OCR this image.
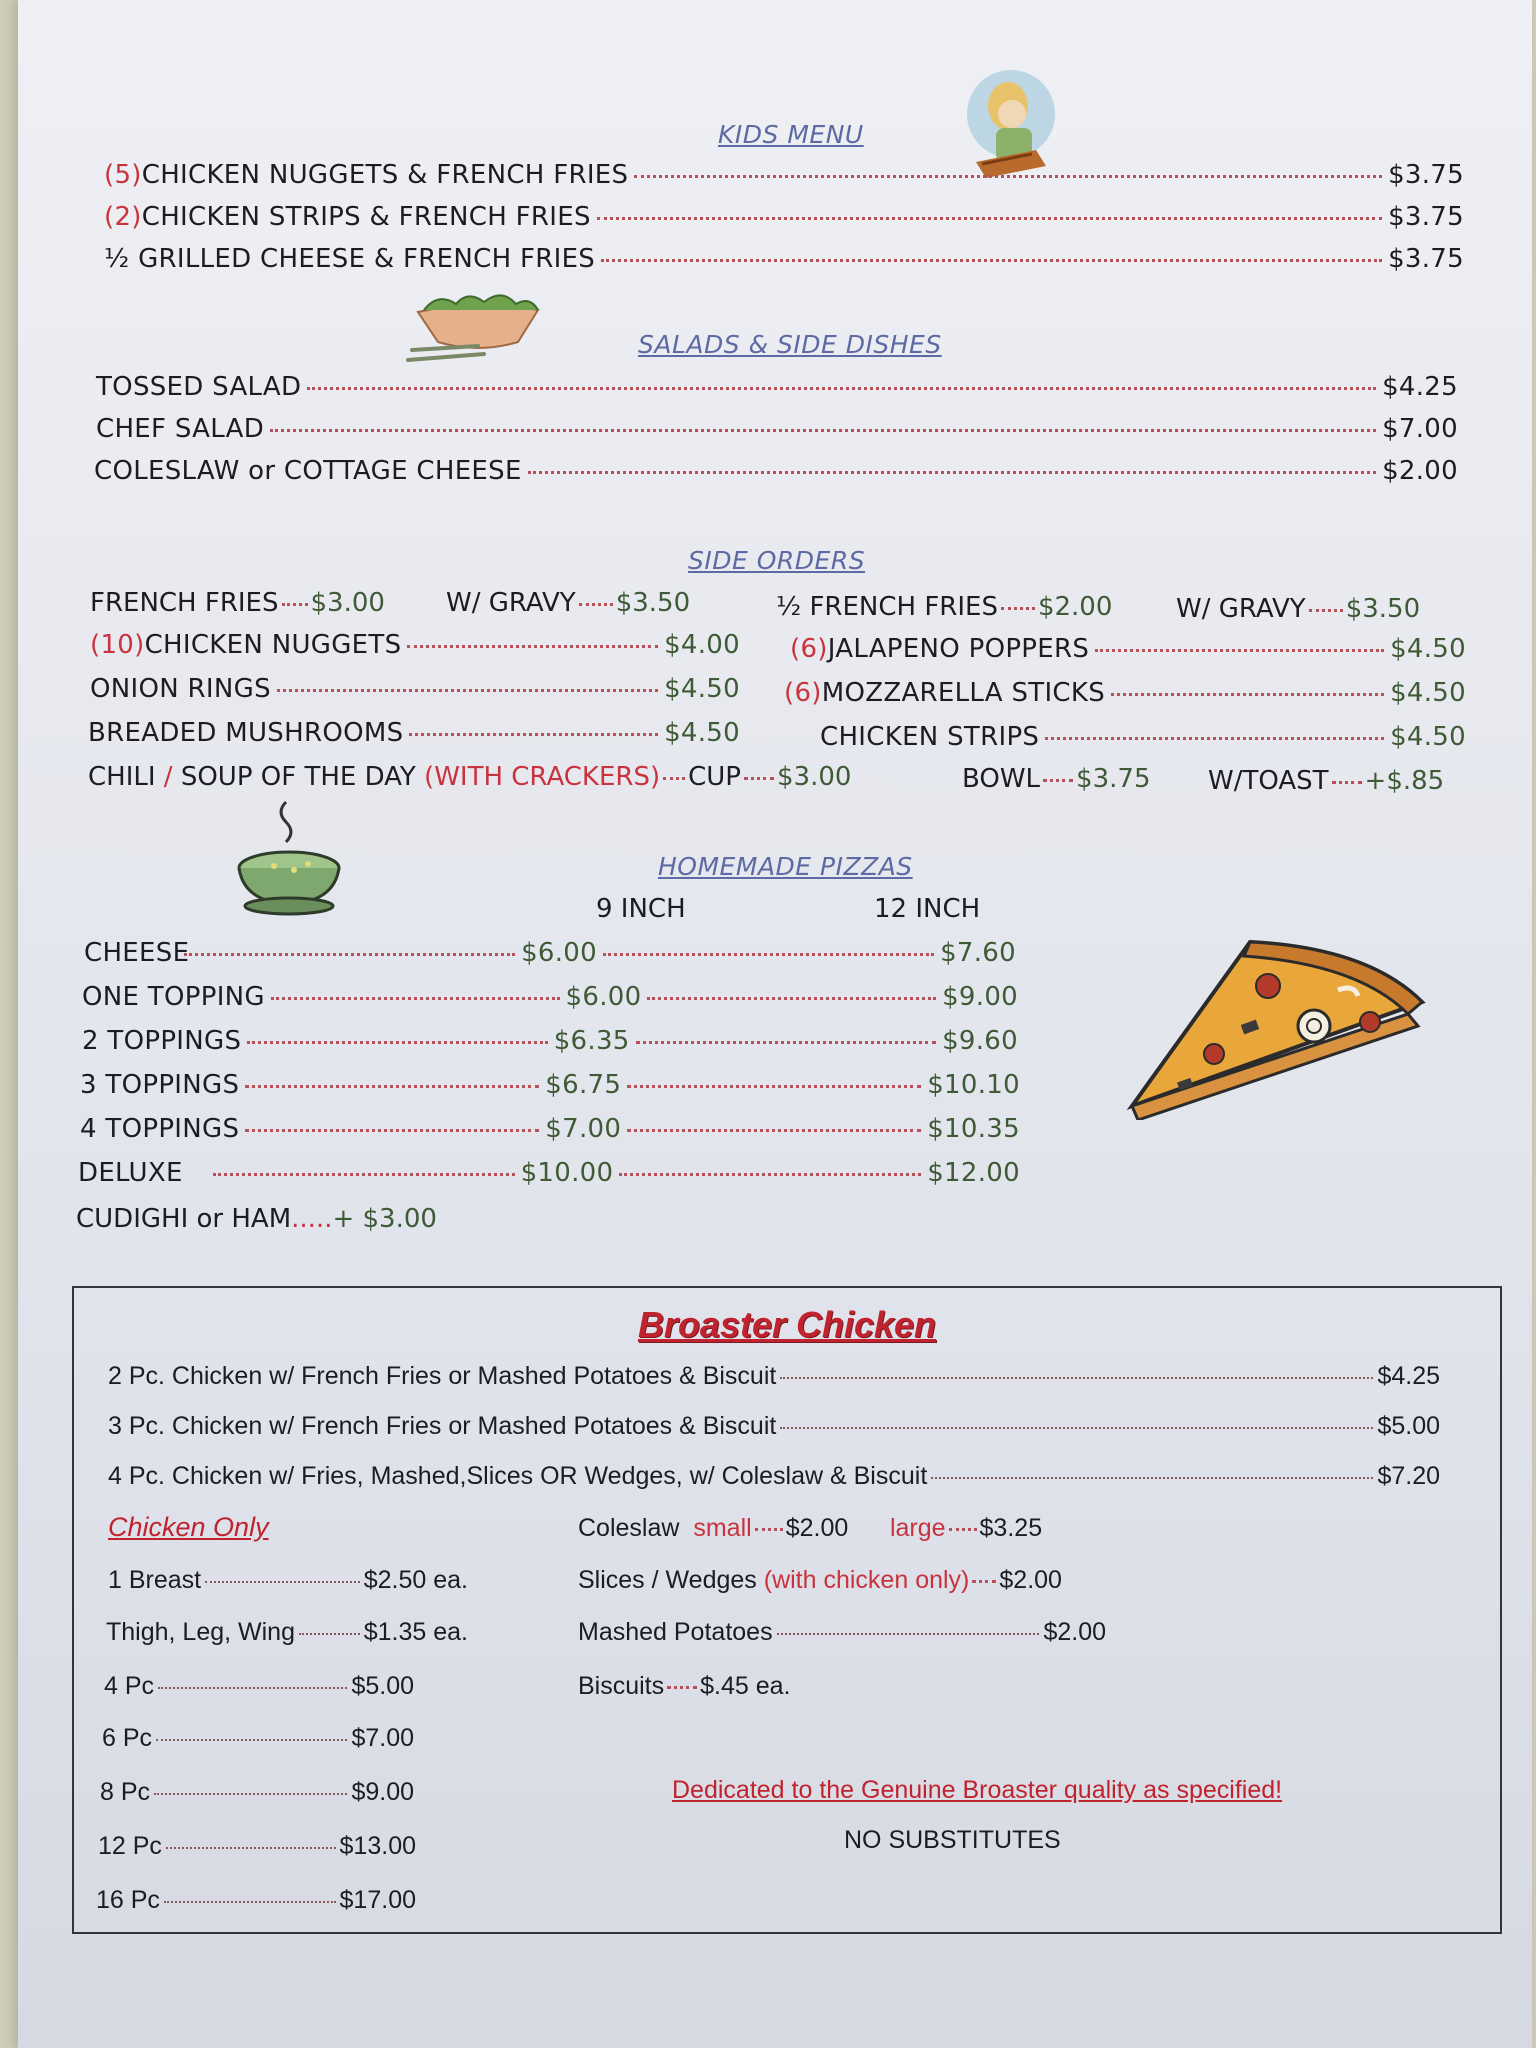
KIDS MENU
(5) CHICKEN NUGGETS & FRENCH FRIES	$3.75
(2) CHICKEN STRIPS & FRENCH FRIES	$3.75
½ GRILLED CHEESE & FRENCH FRIES	$3.75
SALADS & SIDE DISHES
TOSSED SALAD	$4.25
CHEF SALAD	$7.00
COLESLAW or COTTAGE CHEESE	$2.00
SIDE ORDERS
FRENCH FRIES $3.00 W/ GRAVY $3.50	½ FRENCH FRIES $2.00 W/ GRAVY $3.50
(10) CHICKEN NUGGETS	$4.00
ONION RINGS	$4.50
BREADED MUSHROOMS	$4.50
(6) JALAPENO POPPERS	$4.50
(6) MOZZARELLA STICKS	$4.50
CHICKEN STRIPS	$4.50
CHILI / SOUP OF THE DAY (WITH CRACKERS) CUP $3.00	BOWL $3.75 W/TOAST +$.85
HOMEMADE PIZZAS
9 INCH	12 INCH
CHEESE	$6.00	$7.60
ONE TOPPING	$6.00	$9.00
2 TOPPINGS	$6.35	$9.60
3 TOPPINGS	$6.75	$10.10
4 TOPPINGS	$7.00	$10.35
DELUXE	$10.00	$12.00
CUDIGHI or HAM.....+ $3.00
Broaster Chicken
2 Pc. Chicken w/ French Fries or Mashed Potatoes & Biscuit	$4.25
3 Pc. Chicken w/ French Fries or Mashed Potatoes & Biscuit	$5.00
4 Pc. Chicken w/ Fries, Mashed,Slices OR Wedges, w/ Coleslaw & Biscuit	$7.20
Chicken Only
1 Breast	$2.50 ea.
Thigh, Leg, Wing	$1.35 ea.
4 Pc	$5.00
6 Pc	$7.00
8 Pc	$9.00
12 Pc	$13.00
16 Pc	$17.00
Coleslaw small $2.00 large $3.25
Slices / Wedges (with chicken only) $2.00
Mashed Potatoes	$2.00
Biscuits $.45 ea.
Dedicated to the Genuine Broaster quality as specified!
NO SUBSTITUTES
